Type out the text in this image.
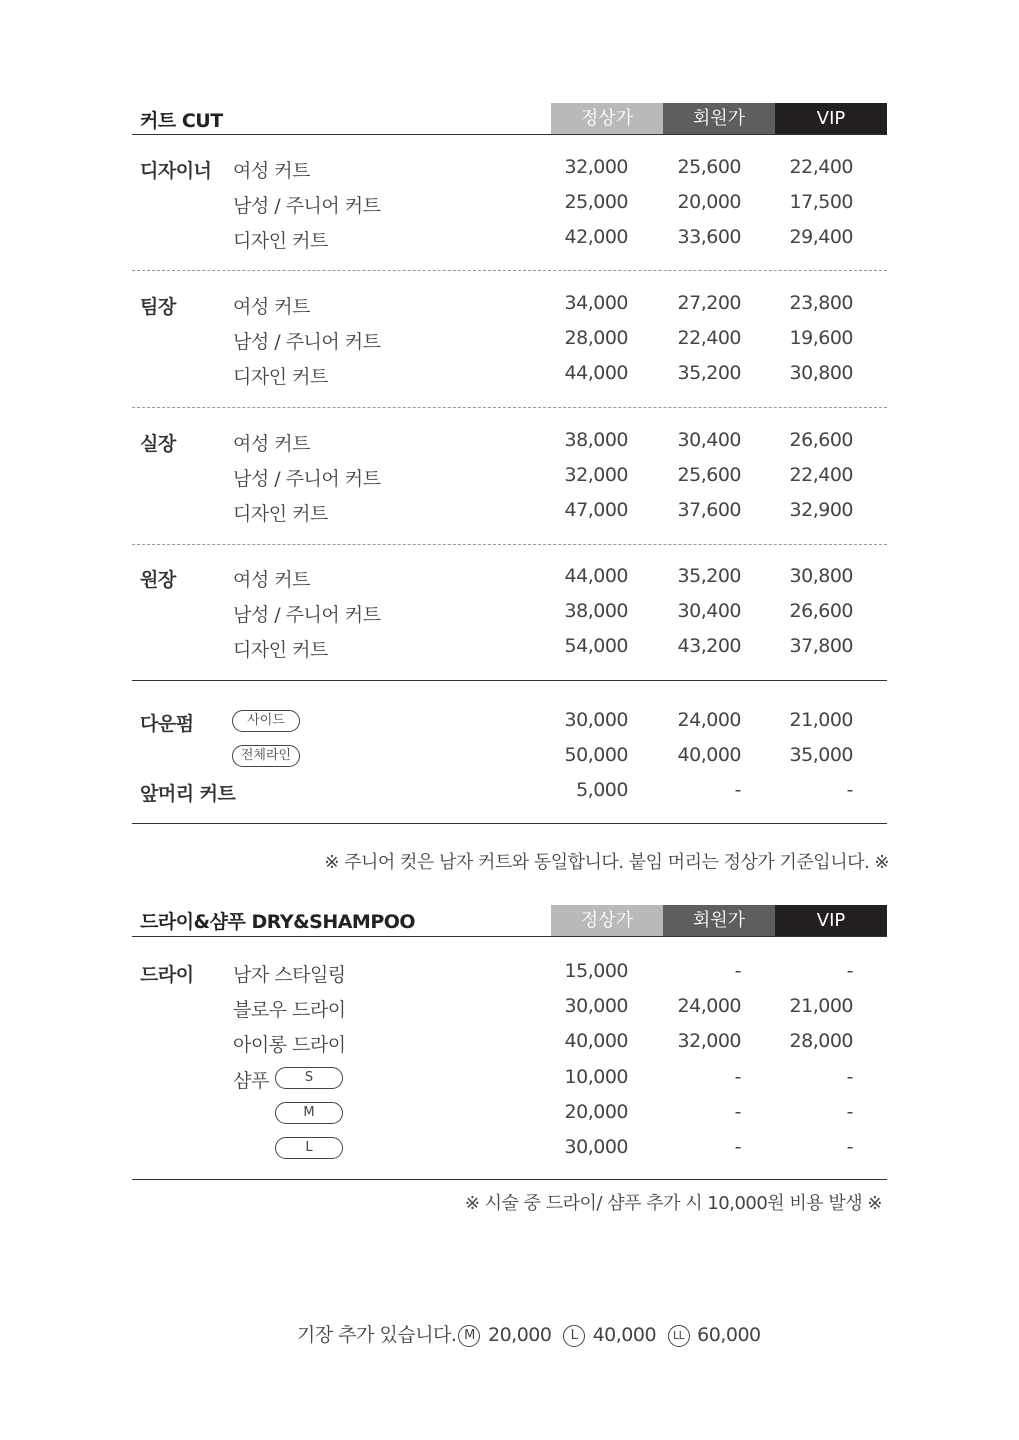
커트 CUT	정상가	회원가	VIP
디자이너 여성 커트	32,000	25,600	22,400
남성 / 주니어 커트	25,000	20,000	17,500
디자인 커트	42,000	33,600	29,400
팀장	여성 커트	34,000	27,200	23,800
남성 / 주니어 커트	28,000	22,400	19,600
디자인 커트	44,000	35,200	30,800
실장	여성 커트	38,000	30,400	26,600
남성 / 주니어 커트	32,000	25,600	22,400
디자인 커트	47,000	37,600	32,900
원장	여성 커트	44,000	35,200	30,800
남성 / 주니어 커트	38,000	30,400	26,600
디자인 커트	54,000	43,200	37,800
다운펌	사이드	30,000	24,000	21,000
전체라인	50,000	40,000	35,000
앞머리 커트	5,000	-	-
※ 주니어 컷은 남자 커트와 동일합니다. 붙임 머리는 정상가 기준입니다. ※
드라이&샴푸 DRY&SHAMPOO	정상가	회원가	VIP
드라이 남자 스타일링	15,000	-	-
블로우 드라이	30,000	24,000	21,000
아이롱 드라이	40,000	32,000	28,000
샴푸	S	10,000	-	-
M	20,000	-	-
L	30,000	-	-
※ 시술 중 드라이/ 샴푸 추가 시 10,000원 비용 발생 ※
기장 추가 있습니다. M 20,000 L 40,000 LL 60,000
